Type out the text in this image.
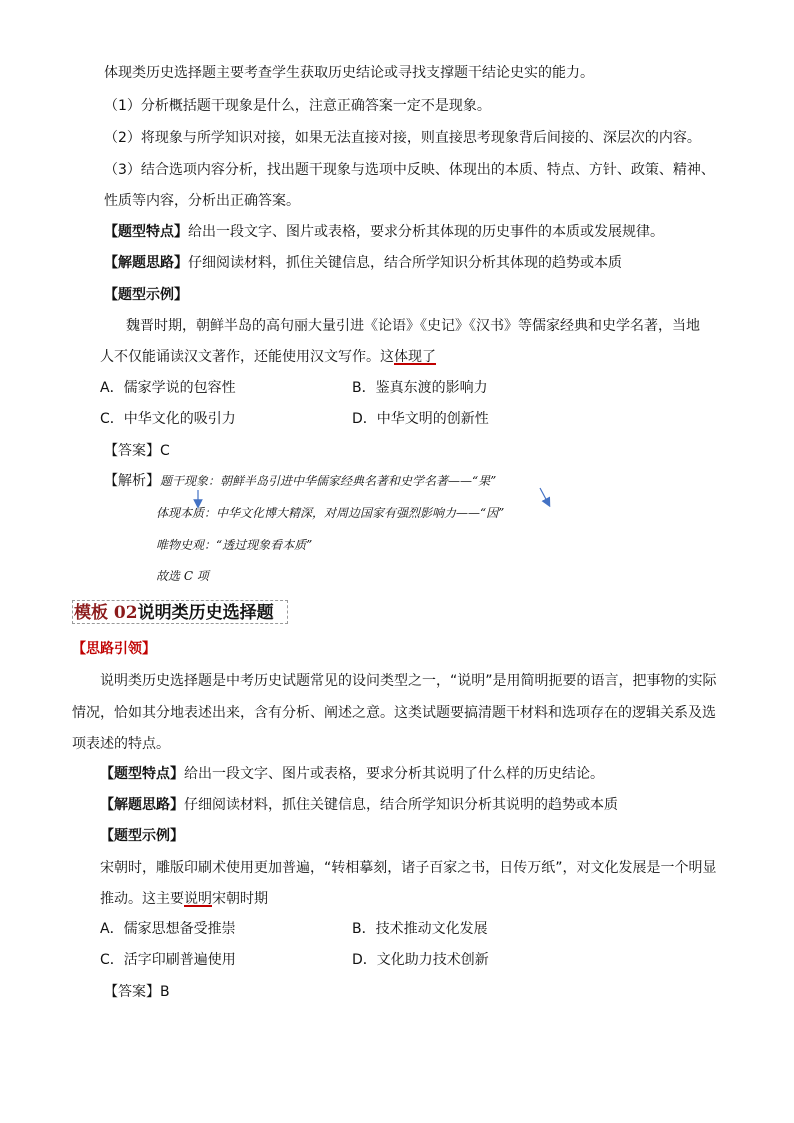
体现类历史选择题主要考查学生获取历史结论或寻找支撑题干结论史实的能力。
（1）分析概括题干现象是什么，注意正确答案一定不是现象。
（2）将现象与所学知识对接，如果无法直接对接，则直接思考现象背后间接的、深层次的内容。
（3）结合选项内容分析，找出题干现象与选项中反映、体现出的本质、特点、方针、政策、精神、
性质等内容，分析出正确答案。
【题型特点】给出一段文字、图片或表格，要求分析其体现的历史事件的本质或发展规律。
【解题思路】仔细阅读材料，抓住关键信息，结合所学知识分析其体现的趋势或本质
【题型示例】
魏晋时期，朝鲜半岛的高句丽大量引进《论语》《史记》《汉书》等儒家经典和史学名著，当地
人不仅能诵读汉文著作，还能使用汉文写作。这体现了
A．儒家学说的包容性	B．鉴真东渡的影响力
C．中华文化的吸引力	D．中华文明的创新性
【答案】C
【解析】题干现象：朝鲜半岛引进中华儒家经典名著和史学名著——“果”
体现本质：中华文化博大精深，对周边国家有强烈影响力——“因”
唯物史观：“透过现象看本质”
故选 C 项
模板 02说明类历史选择题
【思路引领】
说明类历史选择题是中考历史试题常见的设问类型之一，“说明”是用简明扼要的语言，把事物的实际
情况，恰如其分地表述出来，含有分析、阐述之意。这类试题要搞清题干材料和选项存在的逻辑关系及选
项表述的特点。
【题型特点】给出一段文字、图片或表格，要求分析其说明了什么样的历史结论。
【解题思路】仔细阅读材料，抓住关键信息，结合所学知识分析其说明的趋势或本质
【题型示例】
宋朝时，雕版印刷术使用更加普遍，“转相摹刻，诸子百家之书，日传万纸”，对文化发展是一个明显
推动。这主要说明宋朝时期
A．儒家思想备受推崇	B．技术推动文化发展
C．活字印刷普遍使用	D．文化助力技术创新
【答案】B
